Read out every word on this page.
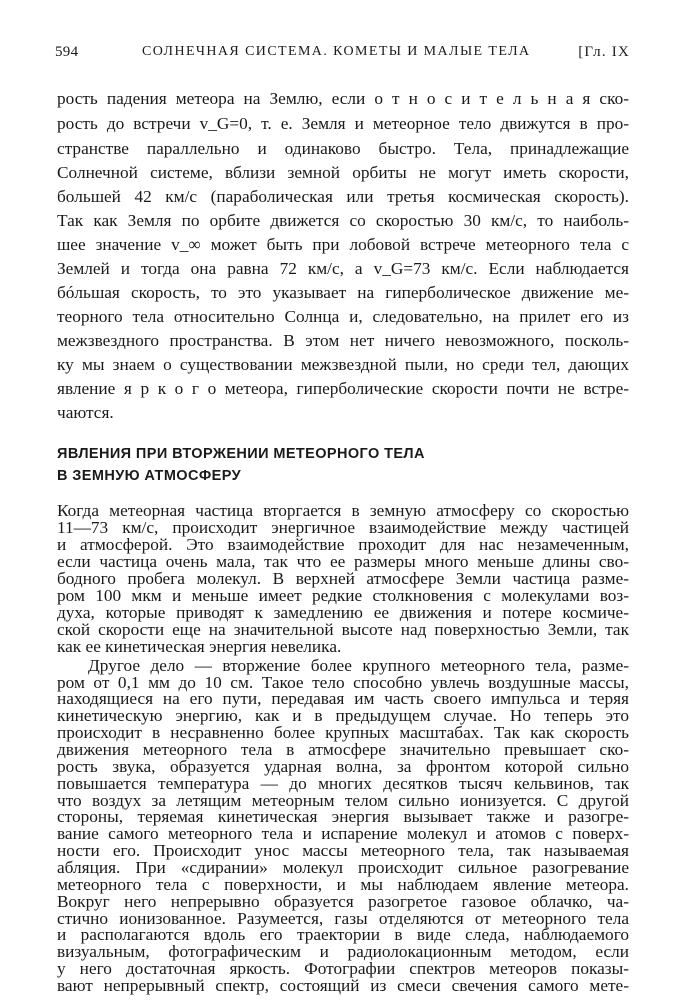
594	СОЛНЕЧНАЯ СИСТЕМА. КОМЕТЫ И МАЛЫЕ ТЕЛА	[Гл. IX
рость падения метеора на Землю, если о т н о с и т е л ь н а я ско-
рость до встречи v_G=0, т. е. Земля и метеорное тело движутся в про-
странстве параллельно и одинаково быстро. Тела, принадлежащие
Солнечной системе, вблизи земной орбиты не могут иметь скорости,
большей 42 км/с (параболическая или третья космическая скорость).
Так как Земля по орбите движется со скоростью 30 км/с, то наиболь-
шее значение v_∞ может быть при лобовой встрече метеорного тела с
Землей и тогда она равна 72 км/с, а v_G=73 км/с. Если наблюдается
бóльшая скорость, то это указывает на гиперболическое движение ме-
теорного тела относительно Солнца и, следовательно, на прилет его из
межзвездного пространства. В этом нет ничего невозможного, посколь-
ку мы знаем о существовании межзвездной пыли, но среди тел, дающих
явление я р к о г о метеора, гиперболические скорости почти не встре-
чаются.
ЯВЛЕНИЯ ПРИ ВТОРЖЕНИИ МЕТЕОРНОГО ТЕЛА
В ЗЕМНУЮ АТМОСФЕРУ
Когда метеорная частица вторгается в земную атмосферу со скоростью
11—73 км/с, происходит энергичное взаимодействие между частицей
и атмосферой. Это взаимодействие проходит для нас незамеченным,
если частица очень мала, так что ее размеры много меньше длины сво-
бодного пробега молекул. В верхней атмосфере Земли частица разме-
ром 100 мкм и меньше имеет редкие столкновения с молекулами воз-
духа, которые приводят к замедлению ее движения и потере космиче-
ской скорости еще на значительной высоте над поверхностью Земли, так
как ее кинетическая энергия невелика.
Другое дело — вторжение более крупного метеорного тела, разме-
ром от 0,1 мм до 10 см. Такое тело способно увлечь воздушные массы,
находящиеся на его пути, передавая им часть своего импульса и теряя
кинетическую энергию, как и в предыдущем случае. Но теперь это
происходит в несравненно более крупных масштабах. Так как скорость
движения метеорного тела в атмосфере значительно превышает ско-
рость звука, образуется ударная волна, за фронтом которой сильно
повышается температура — до многих десятков тысяч кельвинов, так
что воздух за летящим метеорным телом сильно ионизуется. С другой
стороны, теряемая кинетическая энергия вызывает также и разогре-
вание самого метеорного тела и испарение молекул и атомов с поверх-
ности его. Происходит унос массы метеорного тела, так называемая
абляция. При «сдирании» молекул происходит сильное разогревание
метеорного тела с поверхности, и мы наблюдаем явление метеора.
Вокруг него непрерывно образуется разогретое газовое облачко, ча-
стично ионизованное. Разумеется, газы отделяются от метеорного тела
и располагаются вдоль его траектории в виде следа, наблюдаемого
визуальным, фотографическим и радиолокационным методом, если
у него достаточная яркость. Фотографии спектров метеоров показы-
вают непрерывный спектр, состоящий из смеси свечения самого мете-
